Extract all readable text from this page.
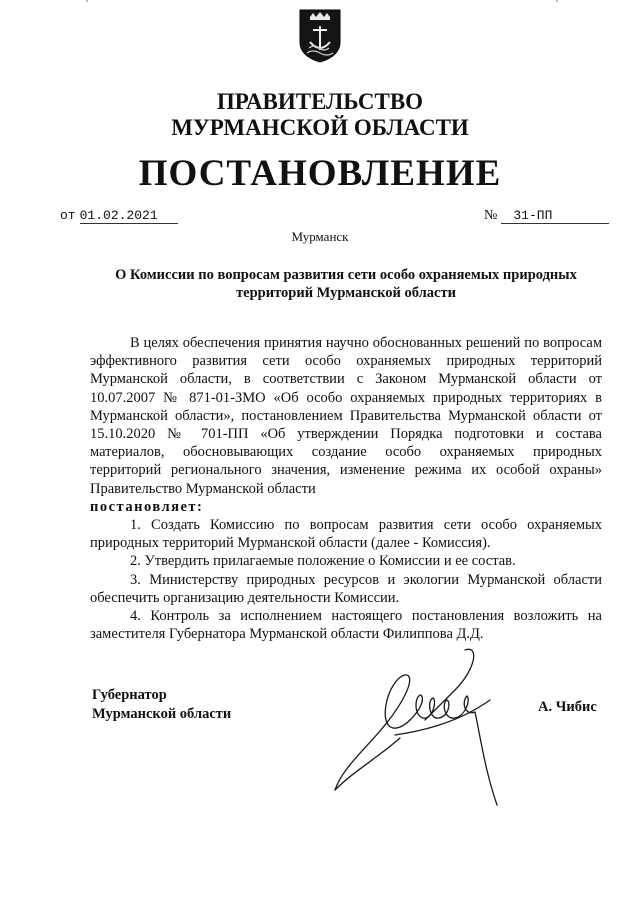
ПРАВИТЕЛЬСТВО
МУРМАНСКОЙ ОБЛАСТИ
ПОСТАНОВЛЕНИЕ
от 01.02.2021	№ 31-ПП
Мурманск
О Комиссии по вопросам развития сети особо охраняемых природных
территорий Мурманской области

В целях обеспечения принятия научно обоснованных решений по вопросам эффективного развития сети особо охраняемых природных территорий Мурманской области, в соответствии с Законом Мурманской области от 10.07.2007 № 871-01-ЗМО «Об особо охраняемых природных территориях в Мурманской области», постановлением Правительства Мурманской области от 15.10.2020 № 701-ПП «Об утверждении Порядка подготовки и состава материалов, обосновывающих создание особо охраняемых природных территорий регионального значения, изменение режима их особой охраны» Правительство Мурманской области

постановляет:

1. Создать Комиссию по вопросам развития сети особо охраняемых природных территорий Мурманской области (далее - Комиссия).

2. Утвердить прилагаемые положение о Комиссии и ее состав.

3. Министерству природных ресурсов и экологии Мурманской области обеспечить организацию деятельности Комиссии.

4. Контроль за исполнением настоящего постановления возложить на заместителя Губернатора Мурманской области Филиппова Д.Д.

Губернатор
Мурманской области	А. Чибис
